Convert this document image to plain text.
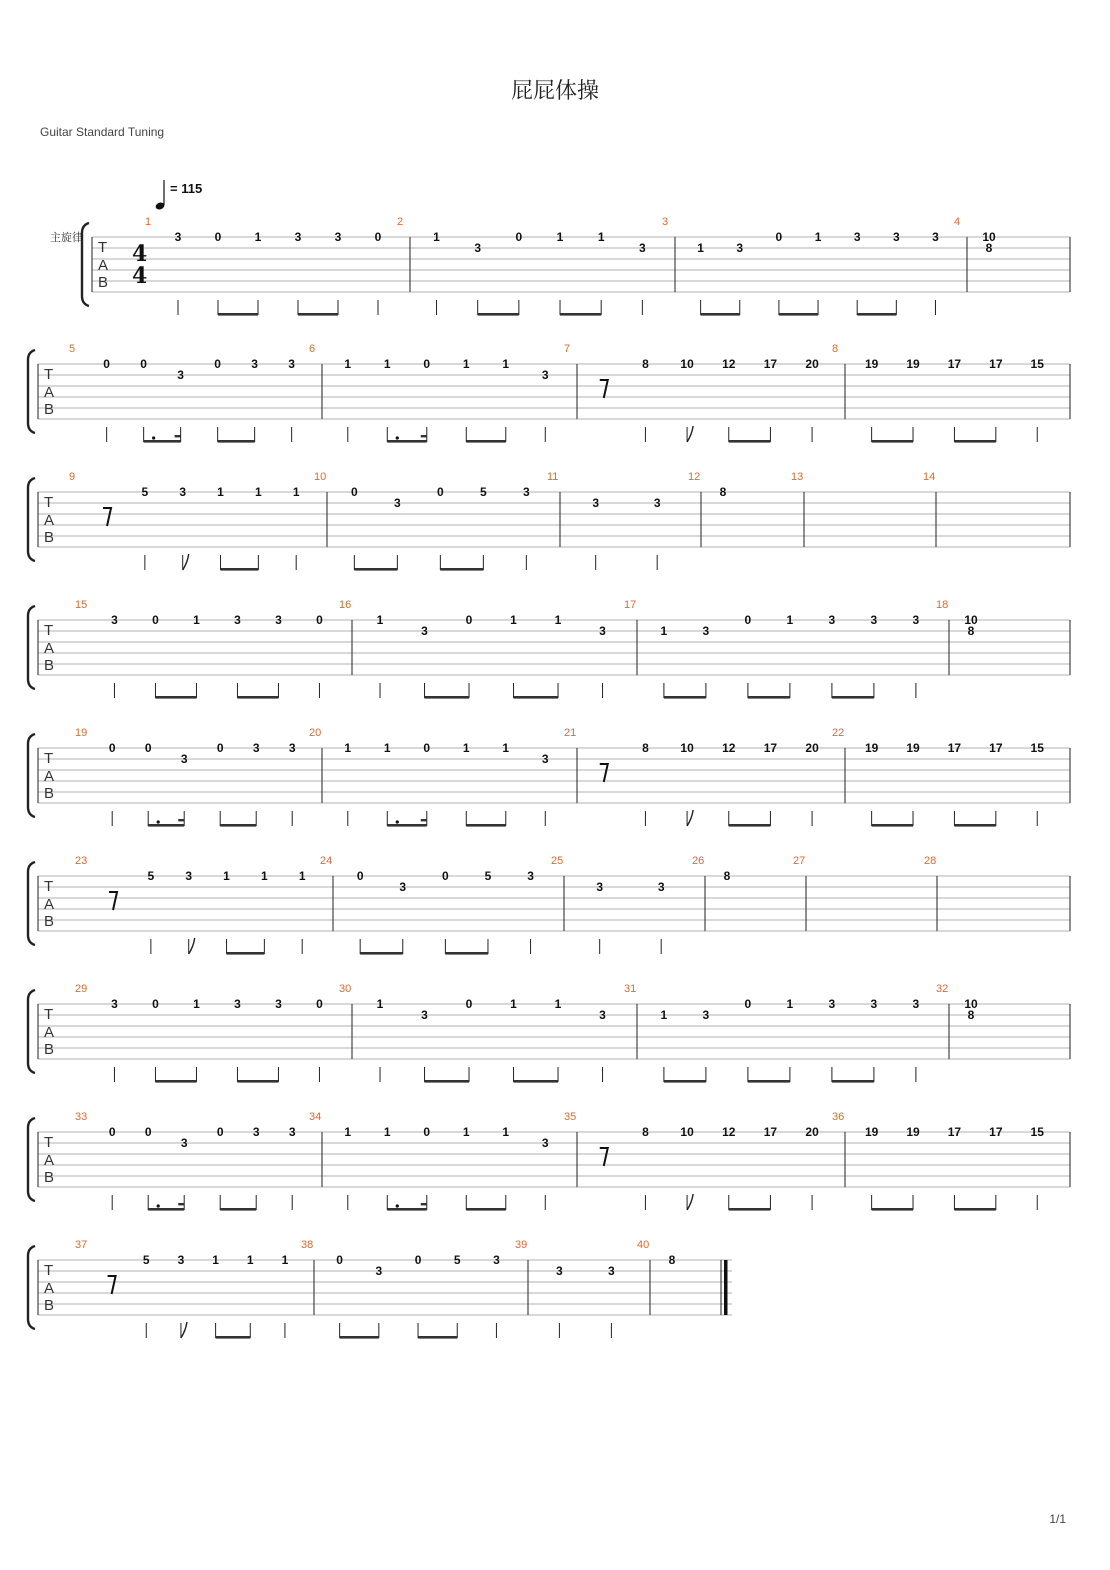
屁屁体操
Guitar Standard Tuning
= 115
主旋律
T
A
B
4
4
1
3	0	1	3	3	0
2
1
3
0	1	1
3
3
1	3
0	1	3	3	3
4
10
8
T
A
B
5
0	0
3
0	3	3
6
1	1	0	1	1
3
7
8	10 12 17 20
8
19 19 17 17 15
T
A
B
9
5	3	1	1	1
10
0
3
0	5	3
11
3	3
12
8
13	14
T
A
B
15
3	0	1	3	3	0
16
1
3
0	1	1
3
17
1	3
0	1	3	3	3
18
10
8
T
A
B
19
0 0
3
0 3 3
20
1	1	0	1	1
3
21
8	10 12 17 20
22
19 19 17 17 15
T
A
B
23
5	3	1	1	1
24
0
3
0	5	3
25
3	3
26
8
27	28
T
A
B
29
3	0	1	3	3	0
30
1
3
0	1	1
3
31
1	3
0	1	3	3	3
32
10
8
T
A
B
33
0 0
3
0 3 3
34
1	1	0	1	1
3
35
8	10 12 17 20
36
19 19 17 17 15
T
A
B
37
5 3 1 1 1
38
0
3
0	5	3
39
3	3
40
8
1/1
